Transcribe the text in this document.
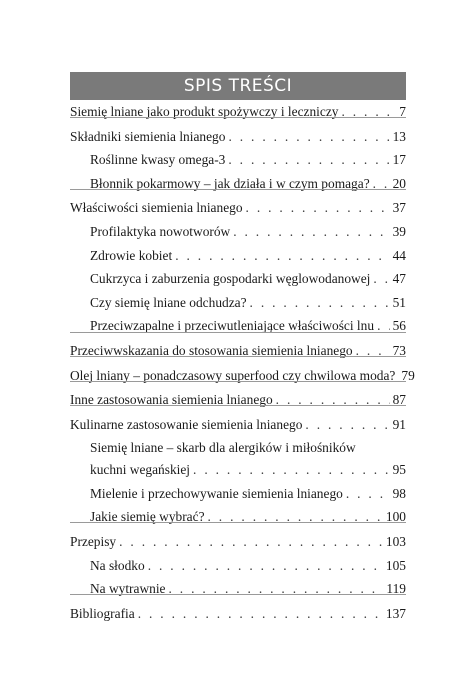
SPIS TREŚCI
Siemię lniane jako produkt spożywczy i leczniczy . . .	7
Składniki siemienia lnianego . . .	13
Roślinne kwasy omega-3 . . .	17
Błonnik pokarmowy – jak działa i w czym pomaga? . . . 20
Właściwości siemienia lnianego . . .	37
Profilaktyka nowotworów . . .	39
Zdrowie kobiet . . .	44
Cukrzyca i zaburzenia gospodarki węglowodanowej . . . 47
Czy siemię lniane odchudza? . . .	51
Przeciwzapalne i przeciwutleniające właściwości lnu . . . 56
Przeciwwskazania do stosowania siemienia lnianego . . .	73
Olej lniany – ponadczasowy superfood czy chwilowa moda? 79
Inne zastosowania siemienia lnianego . . .	87
Kulinarne zastosowanie siemienia lnianego . . .	91
Siemię lniane – skarb dla alergików i miłośników
kuchni wegańskiej . . .	95
Mielenie i przechowywanie siemienia lnianego . . .	98
Jakie siemię wybrać? . . .	100
Przepisy . . .	103
Na słodko . . .	105
Na wytrawnie . . .	119
Bibliografia . . .	137
